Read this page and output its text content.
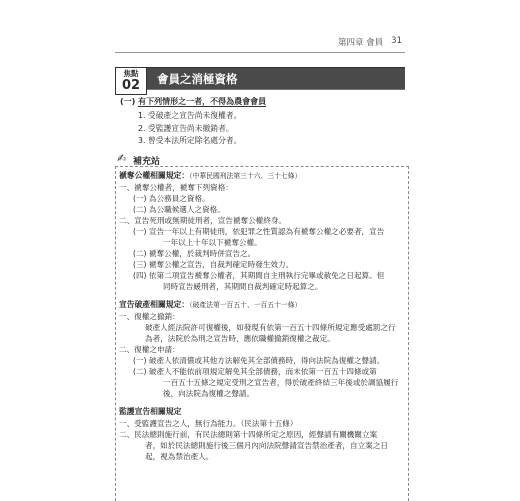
第四章 會員 31
焦點
02	會員之消極資格
(一) 有下列情形之一者，不得為農會會員
1. 受破產之宣告尚未復權者。
2. 受監護宣告尚未撤銷者。
3. 曾受本法所定除名處分者。
✍ 補充站
褫奪公權相關規定：（中華民國刑法第三十六、三十七條）
一、褫奪公權者，褫奪下列資格：
(一) 為公務員之資格。
(二) 為公職候選人之資格。
二、宣告死刑或無期徒刑者，宣告褫奪公權終身。
(一) 宣告一年以上有期徒刑，依犯罪之性質認為有褫奪公權之必要者，宣告
一年以上十年以下褫奪公權。
(二) 褫奪公權，於裁判時併宣告之。
(三) 褫奪公權之宣告，自裁判確定時發生效力。
(四) 依第二項宣告褫奪公權者，其期間自主刑執行完畢或赦免之日起算。但
同時宣告緩刑者，其期間自裁判確定時起算之。
宣告破產相關規定：（破產法第一百五十、一百五十一條）
一、復權之撤銷：
破產人經法院許可復權後，如發現有依第一百五十四條所規定應受處罰之行
為者，法院於為刑之宣告時，應依職權撤銷復權之裁定。
二、復權之申請：
(一) 破產人依清償或其他方法解免其全部債務時，得向法院為復權之聲請。
(二) 破產人不能依前項規定解免其全部債務，而未依第一百五十四條或第
一百五十五條之規定受刑之宣告者，得於破產終結三年後或於調協履行
後，向法院為復權之聲請。
監護宣告相關規定
一、受監護宣告之人，無行為能力。（民法第十五條）
二、民法總則施行前，有民法總則第十四條所定之原因，經聲請有關機關立案
者，如於民法總則施行後三個月內向法院聲請宣告禁治產者，自立案之日
起，視為禁治產人。
